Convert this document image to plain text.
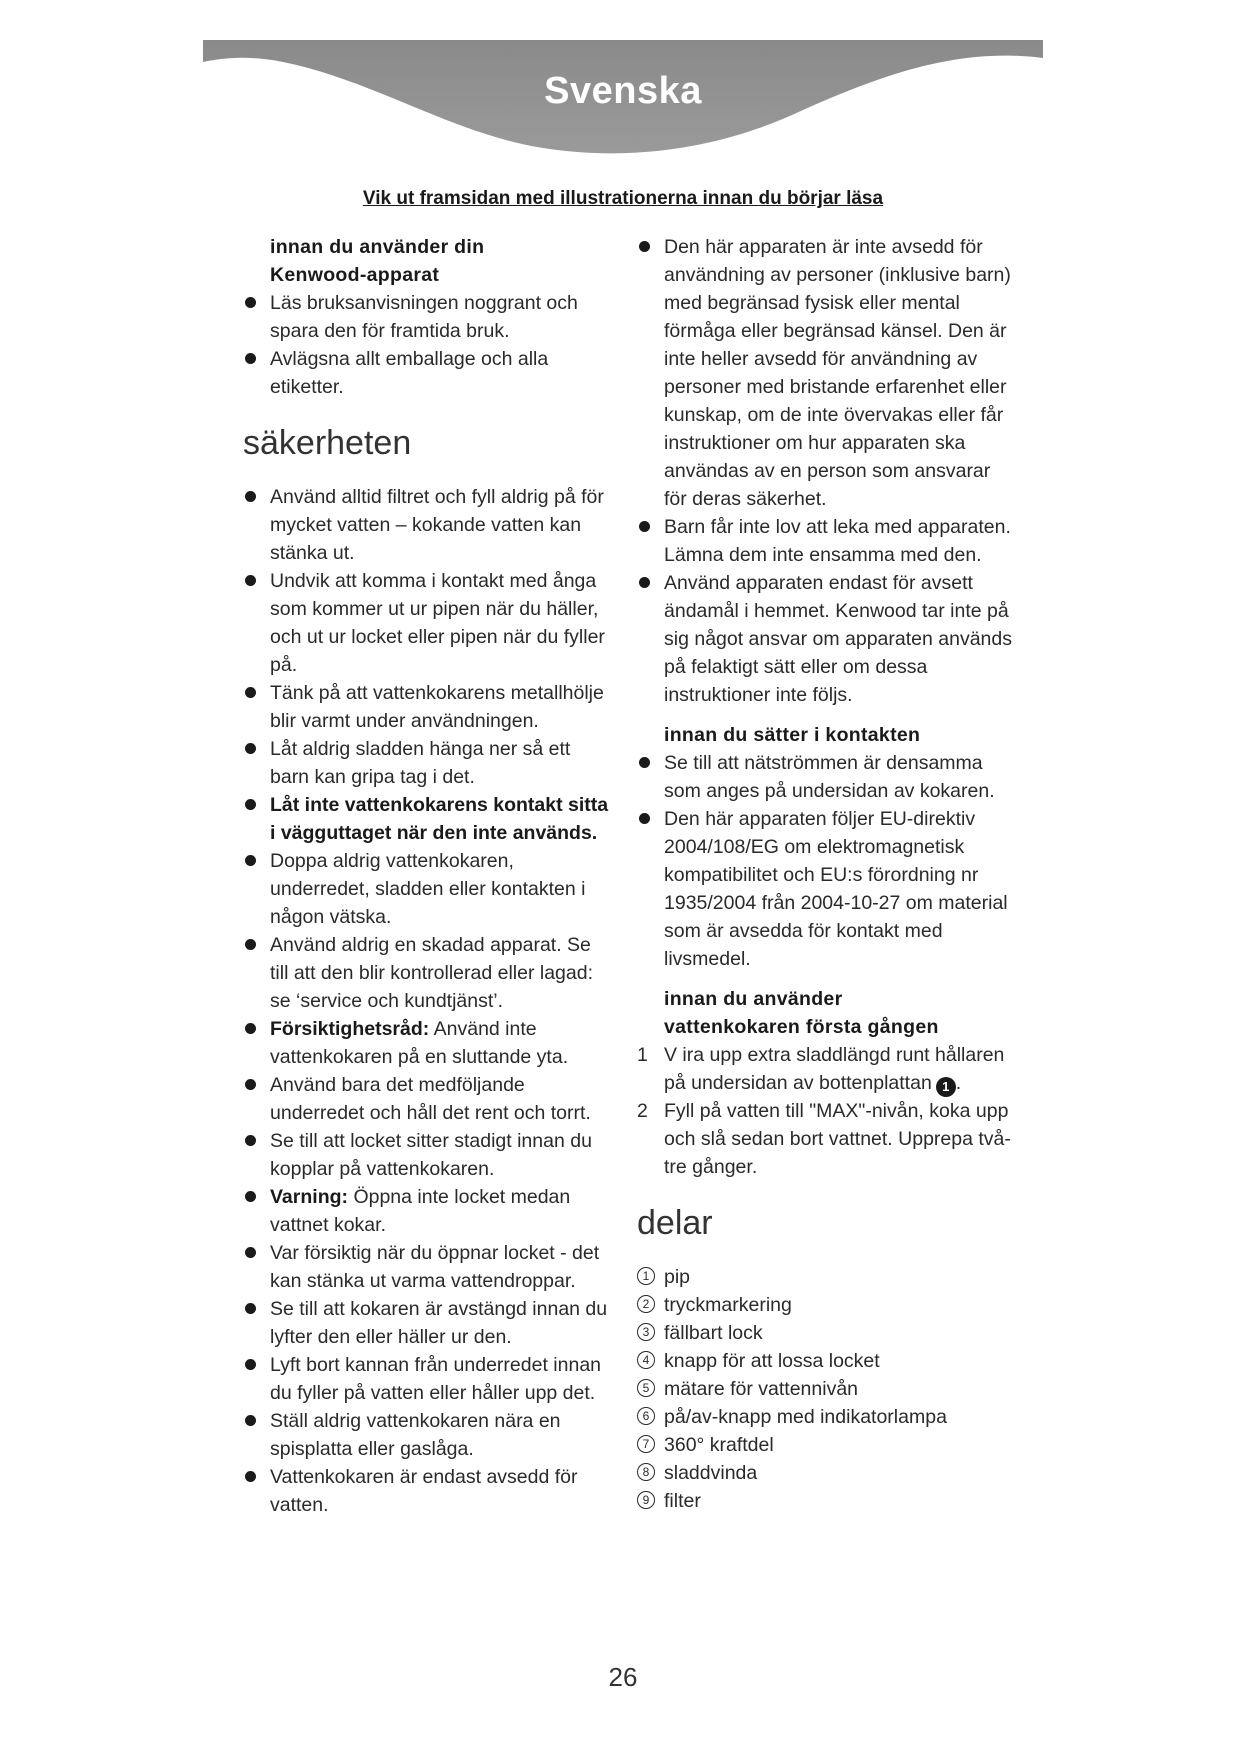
Svenska
Vik ut framsidan med illustrationerna innan du börjar läsa
innan du använder din
Kenwood-apparat
Läs bruksanvisningen noggrant och spara den för framtida bruk.
Avlägsna allt emballage och alla etiketter.
säkerheten
Använd alltid filtret och fyll aldrig på för mycket vatten – kokande vatten kan stänka ut.
Undvik att komma i kontakt med ånga som kommer ut ur pipen när du häller, och ut ur locket eller pipen när du fyller på.
Tänk på att vattenkokarens metallhölje blir varmt under användningen.
Låt aldrig sladden hänga ner så ett barn kan gripa tag i det.
Låt inte vattenkokarens kontakt sitta i vägguttaget när den inte används.
Doppa aldrig vattenkokaren, underredet, sladden eller kontakten i någon vätska.
Använd aldrig en skadad apparat. Se till att den blir kontrollerad eller lagad: se ‘service och kundtjänst’.
Försiktighetsråd: Använd inte vattenkokaren på en sluttande yta.
Använd bara det medföljande underredet och håll det rent och torrt.
Se till att locket sitter stadigt innan du kopplar på vattenkokaren.
Varning: Öppna inte locket medan vattnet kokar.
Var försiktig när du öppnar locket - det kan stänka ut varma vattendroppar.
Se till att kokaren är avstängd innan du lyfter den eller häller ur den.
Lyft bort kannan från underredet innan du fyller på vatten eller håller upp det.
Ställ aldrig vattenkokaren nära en spisplatta eller gaslåga.
Vattenkokaren är endast avsedd för vatten.
Den här apparaten är inte avsedd för användning av personer (inklusive barn) med begränsad fysisk eller mental förmåga eller begränsad känsel. Den är inte heller avsedd för användning av personer med bristande erfarenhet eller kunskap, om de inte övervakas eller får instruktioner om hur apparaten ska användas av en person som ansvarar för deras säkerhet.
Barn får inte lov att leka med apparaten. Lämna dem inte ensamma med den.
Använd apparaten endast för avsett ändamål i hemmet. Kenwood tar inte på sig något ansvar om apparaten används på felaktigt sätt eller om dessa instruktioner inte följs.
innan du sätter i kontakten
Se till att nätströmmen är densamma som anges på undersidan av kokaren.
Den här apparaten följer EU-direktiv 2004/108/EG om elektromagnetisk kompatibilitet och EU:s förordning nr 1935/2004 från 2004-10-27 om material som är avsedda för kontakt med livsmedel.
innan du använder
vattenkokaren första gången
1 V ira upp extra sladdlängd runt hållaren på undersidan av bottenplattan 1 .
2 Fyll på vatten till "MAX"-nivån, koka upp och slå sedan bort vattnet. Upprepa två-tre gånger.
delar
1 pip
2 tryckmarkering
3 fällbart lock
4 knapp för att lossa locket
5 mätare för vattennivån
6 på/av-knapp med indikatorlampa
7 360° kraftdel
8 sladdvinda
9 filter
26
